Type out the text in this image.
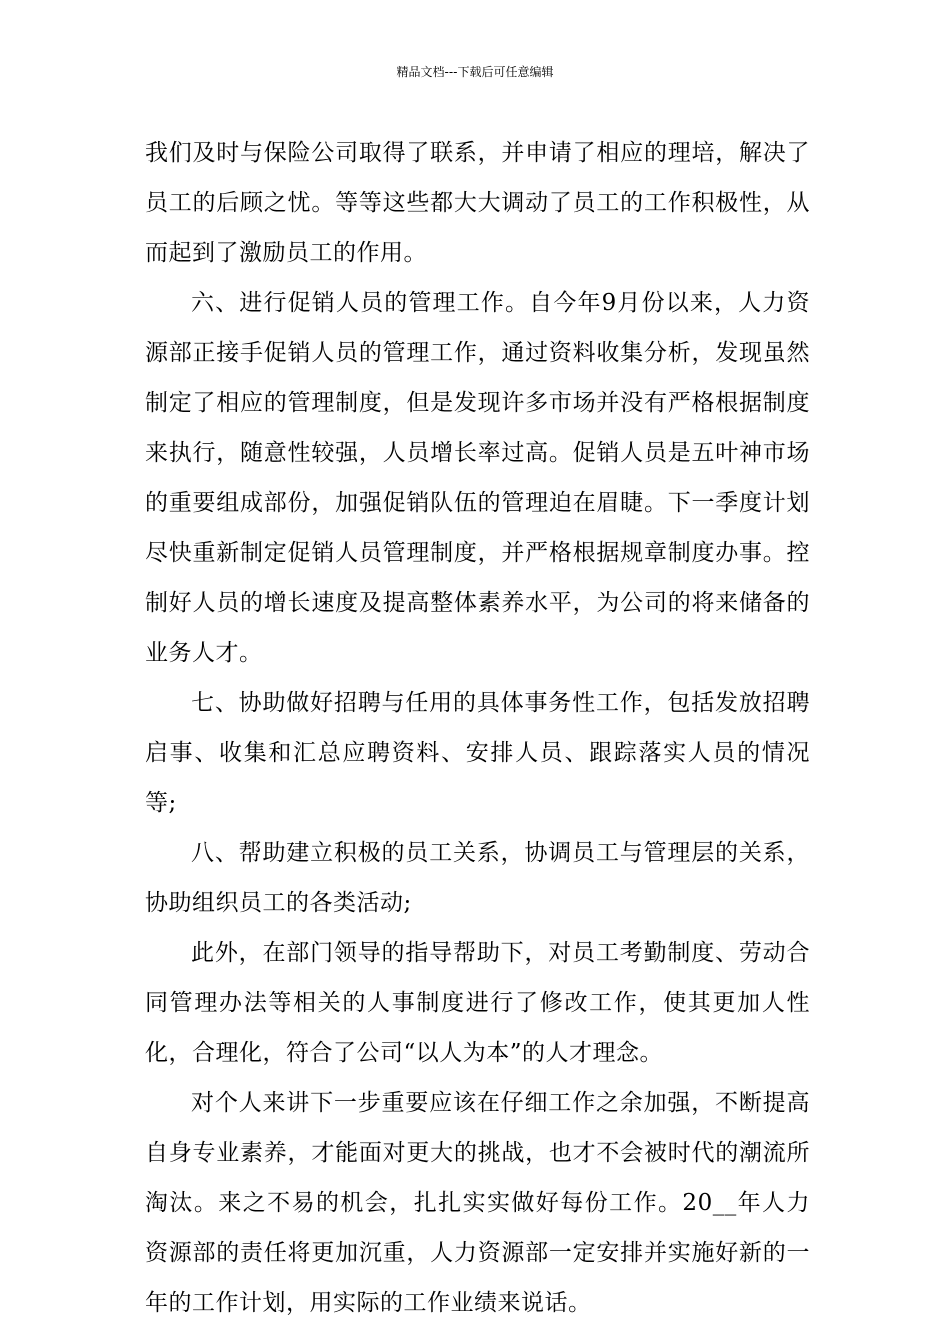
精品文档---下载后可任意编辑

我们及时与保险公司取得了联系，并申请了相应的理培，解决了员工的后顾之忧。等等这些都大大调动了员工的工作积极性，从而起到了激励员工的作用。

六、进行促销人员的管理工作。自今年9月份以来，人力资源部正接手促销人员的管理工作，通过资料收集分析，发现虽然制定了相应的管理制度，但是发现许多市场并没有严格根据制度来执行，随意性较强，人员增长率过高。促销人员是五叶神市场的重要组成部份，加强促销队伍的管理迫在眉睫。下一季度计划尽快重新制定促销人员管理制度，并严格根据规章制度办事。控制好人员的增长速度及提高整体素养水平，为公司的将来储备的业务人才。

七、协助做好招聘与任用的具体事务性工作，包括发放招聘启事、收集和汇总应聘资料、安排人员、跟踪落实人员的情况等;

八、帮助建立积极的员工关系，协调员工与管理层的关系，协助组织员工的各类活动;

此外，在部门领导的指导帮助下，对员工考勤制度、劳动合同管理办法等相关的人事制度进行了修改工作，使其更加人性化，合理化，符合了公司“以人为本”的人才理念。

对个人来讲下一步重要应该在仔细工作之余加强，不断提高自身专业素养，才能面对更大的挑战，也才不会被时代的潮流所淘汰。来之不易的机会，扎扎实实做好每份工作。20__年人力资源部的责任将更加沉重，人力资源部一定安排并实施好新的一年的工作计划，用实际的工作业绩来说话。
